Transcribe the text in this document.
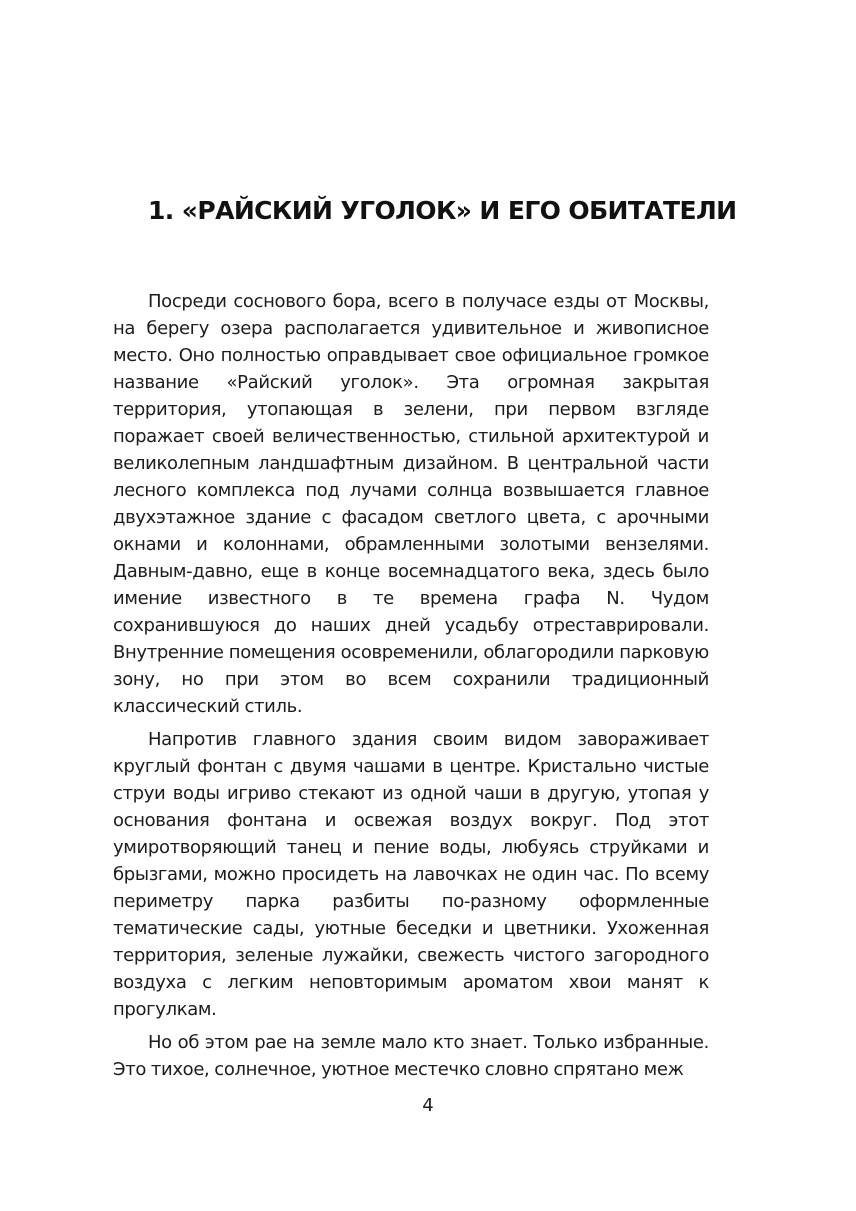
1. «РАЙСКИЙ УГОЛОК» И ЕГО ОБИТАТЕЛИ

Посреди соснового бора, всего в получасе езды от Москвы, на берегу озера располагается удивительное и живописное место. Оно полностью оправдывает свое официальное громкое название «Райский уголок». Эта огромная закрытая территория, утопающая в зелени, при первом взгляде поражает своей величественностью, стильной архитектурой и великолепным ландшафтным дизайном. В центральной части лесного комплекса под лучами солнца возвышается главное двухэтажное здание с фасадом светлого цвета, с арочными окнами и колоннами, обрамленными золотыми вензелями. Давным-давно, еще в конце восемнадцатого века, здесь было имение известного в те времена графа N. Чудом сохранившуюся до наших дней усадьбу отреставрировали. Внутренние помещения осовременили, облагородили парковую зону, но при этом во всем сохранили традиционный классический стиль.

Напротив главного здания своим видом завораживает круглый фонтан с двумя чашами в центре. Кристально чистые струи воды игриво стекают из одной чаши в другую, утопая у основания фонтана и освежая воздух вокруг. Под этот умиротворяющий танец и пение воды, любуясь струйками и брызгами, можно просидеть на лавочках не один час. По всему периметру парка разбиты по-разному оформленные тематические сады, уютные беседки и цветники. Ухоженная территория, зеленые лужайки, свежесть чистого загородного воздуха с легким неповторимым ароматом хвои манят к прогулкам.

Но об этом рае на земле мало кто знает. Только избранные. Это тихое, солнечное, уютное местечко словно спрятано меж

4
